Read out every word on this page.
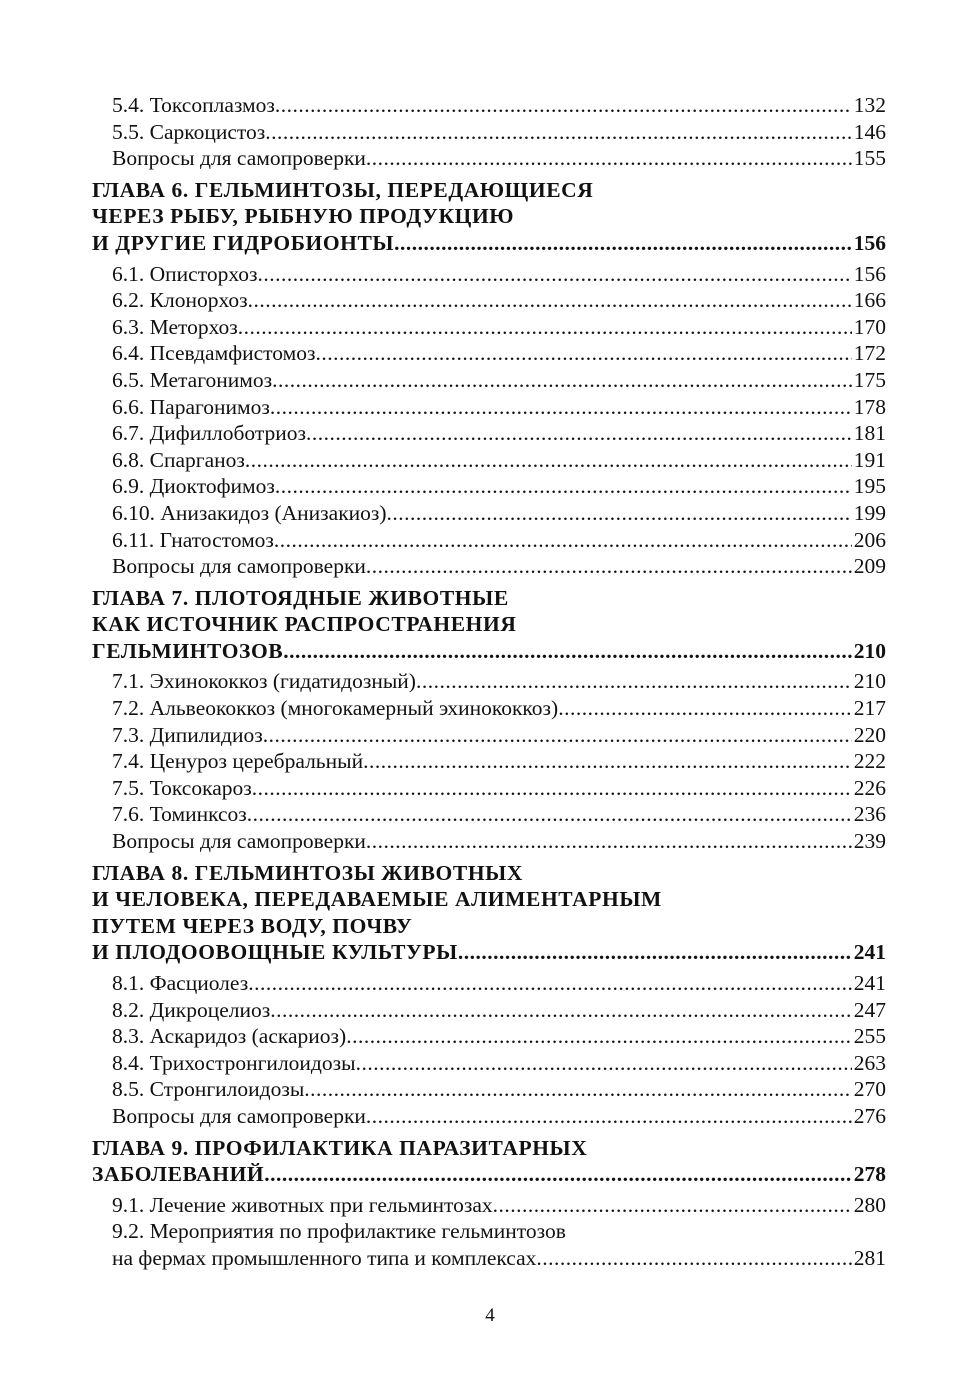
5.4. Токсоплазмоз .....	132
5.5. Саркоцистоз .....	146
Вопросы для самопроверки .....	155
ГЛАВА 6. ГЕЛЬМИНТОЗЫ, ПЕРЕДАЮЩИЕСЯ
ЧЕРЕЗ РЫБУ, РЫБНУЮ ПРОДУКЦИЮ
И ДРУГИЕ ГИДРОБИОНТЫ .....	156
6.1. Описторхоз .....	156
6.2. Клонорхоз .....	166
6.3. Меторхоз .....	170
6.4. Псевдамфистомоз .....	172
6.5. Метагонимоз .....	175
6.6. Парагонимоз .....	178
6.7. Дифиллоботриоз .....	181
6.8. Спарганоз .....	191
6.9. Диоктофимоз .....	195
6.10. Анизакидоз (Анизакиоз) .....	199
6.11. Гнатостомоз .....	206
Вопросы для самопроверки .....	209
ГЛАВА 7. ПЛОТОЯДНЫЕ ЖИВОТНЫЕ
КАК ИСТОЧНИК РАСПРОСТРАНЕНИЯ
ГЕЛЬМИНТОЗОВ .....	210
7.1. Эхинококкоз (гидатидозный) .....	210
7.2. Альвеококкоз (многокамерный эхинококкоз) .....	217
7.3. Дипилидиоз .....	220
7.4. Ценуроз церебральный .....	222
7.5. Токсокароз .....	226
7.6. Томинксоз .....	236
Вопросы для самопроверки .....	239
ГЛАВА 8. ГЕЛЬМИНТОЗЫ ЖИВОТНЫХ
И ЧЕЛОВЕКА, ПЕРЕДАВАЕМЫЕ АЛИМЕНТАРНЫМ
ПУТЕМ ЧЕРЕЗ ВОДУ, ПОЧВУ
И ПЛОДООВОЩНЫЕ КУЛЬТУРЫ .....	241
8.1. Фасциолез .....	241
8.2. Дикроцелиоз .....	247
8.3. Аскаридоз (аскариоз) .....	255
8.4. Трихостронгилоидозы .....	263
8.5. Стронгилоидозы .....	270
Вопросы для самопроверки .....	276
ГЛАВА 9. ПРОФИЛАКТИКА ПАРАЗИТАРНЫХ
ЗАБОЛЕВАНИЙ .....	278
9.1. Лечение животных при гельминтозах .....	280
9.2. Мероприятия по профилактике гельминтозов
на фермах промышленного типа и комплексах .....	281
4
